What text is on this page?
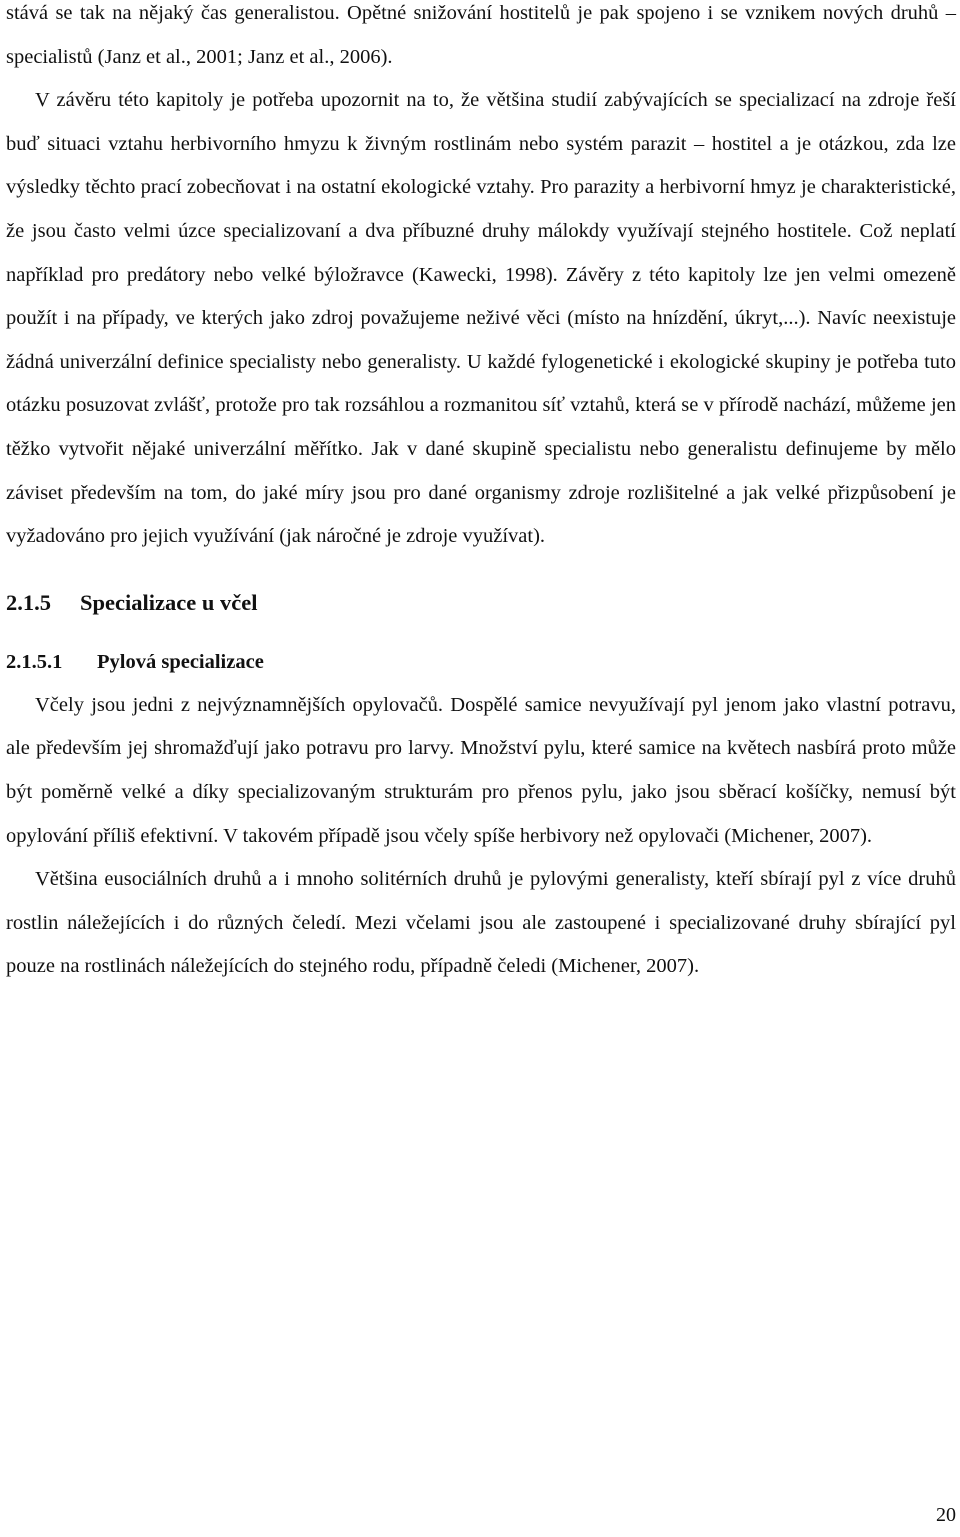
stává se tak na nějaký čas generalistou. Opětné snižování hostitelů je pak spojeno i se vznikem nových druhů – specialistů (Janz et al., 2001; Janz et al., 2006).

V závěru této kapitoly je potřeba upozornit na to, že většina studií zabývajících se specializací na zdroje řeší buď situaci vztahu herbivorního hmyzu k živným rostlinám nebo systém parazit – hostitel a je otázkou, zda lze výsledky těchto prací zobecňovat i na ostatní ekologické vztahy. Pro parazity a herbivorní hmyz je charakteristické, že jsou často velmi úzce specializovaní a dva příbuzné druhy málokdy využívají stejného hostitele. Což neplatí například pro predátory nebo velké býložravce (Kawecki, 1998). Závěry z této kapitoly lze jen velmi omezeně použít i na případy, ve kterých jako zdroj považujeme neživé věci (místo na hnízdění, úkryt,...). Navíc neexistuje žádná univerzální definice specialisty nebo generalisty. U každé fylogenetické i ekologické skupiny je potřeba tuto otázku posuzovat zvlášť, protože pro tak rozsáhlou a rozmanitou síť vztahů, která se v přírodě nachází, můžeme jen těžko vytvořit nějaké univerzální měřítko. Jak v dané skupině specialistu nebo generalistu definujeme by mělo záviset především na tom, do jaké míry jsou pro dané organismy zdroje rozlišitelné a jak velké přizpůsobení je vyžadováno pro jejich využívání (jak náročné je zdroje využívat).

2.1.5	Specializace u včel
2.1.5.1	Pylová specializace

Včely jsou jedni z nejvýznamnějších opylovačů. Dospělé samice nevyužívají pyl jenom jako vlastní potravu, ale především jej shromažďují jako potravu pro larvy. Množství pylu, které samice na květech nasbírá proto může být poměrně velké a díky specializovaným strukturám pro přenos pylu, jako jsou sběrací košíčky, nemusí být opylování příliš efektivní. V takovém případě jsou včely spíše herbivory než opylovači (Michener, 2007).

Většina eusociálních druhů a i mnoho solitérních druhů je pylovými generalisty, kteří sbírají pyl z více druhů rostlin náležejících i do různých čeledí. Mezi včelami jsou ale zastoupené i specializované druhy sbírající pyl pouze na rostlinách náležejících do stejného rodu, případně čeledi (Michener, 2007).

20
